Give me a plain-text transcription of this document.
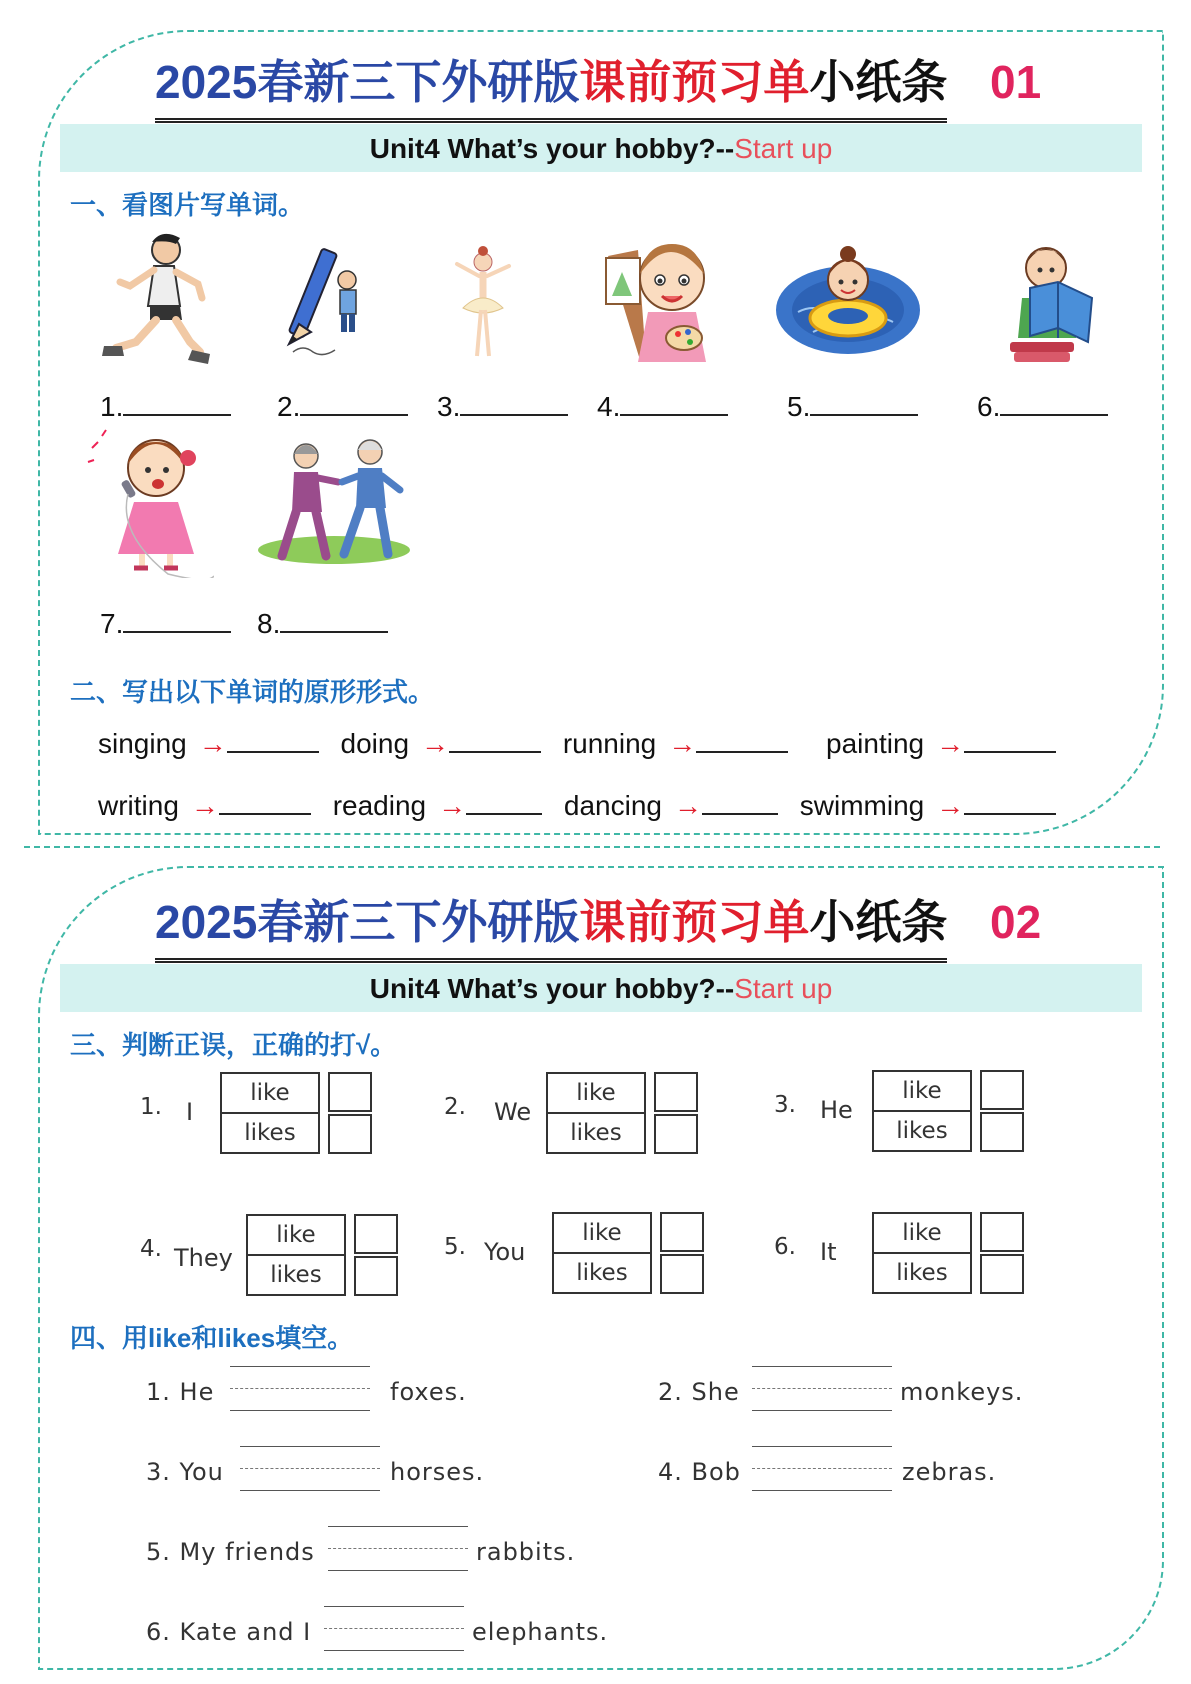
2025春新三下外研版课前预习单小纸条 01
Unit4 What’s your hobby?--Start up
一、看图片写单词。
1.	2.	3.	4.	5.	6.
7.	8.
二、写出以下单词的原形形式。
singing →	doing →	running →	painting →
writing →	reading →	dancing →	swimming →
2025春新三下外研版课前预习单小纸条 02
Unit4 What’s your hobby?--Start up
三、判断正误，正确的打√。
1. I
like
likes
2. We
like
likes
3. He
like
likes
4. They
like
likes
5. You
like
likes
6. It
like
likes
四、用like和likes填空。
1. He	foxes.	2. She	monkeys.
3. You	horses.	4. Bob	zebras.
5. My friends	rabbits.
6. Kate and I	elephants.
